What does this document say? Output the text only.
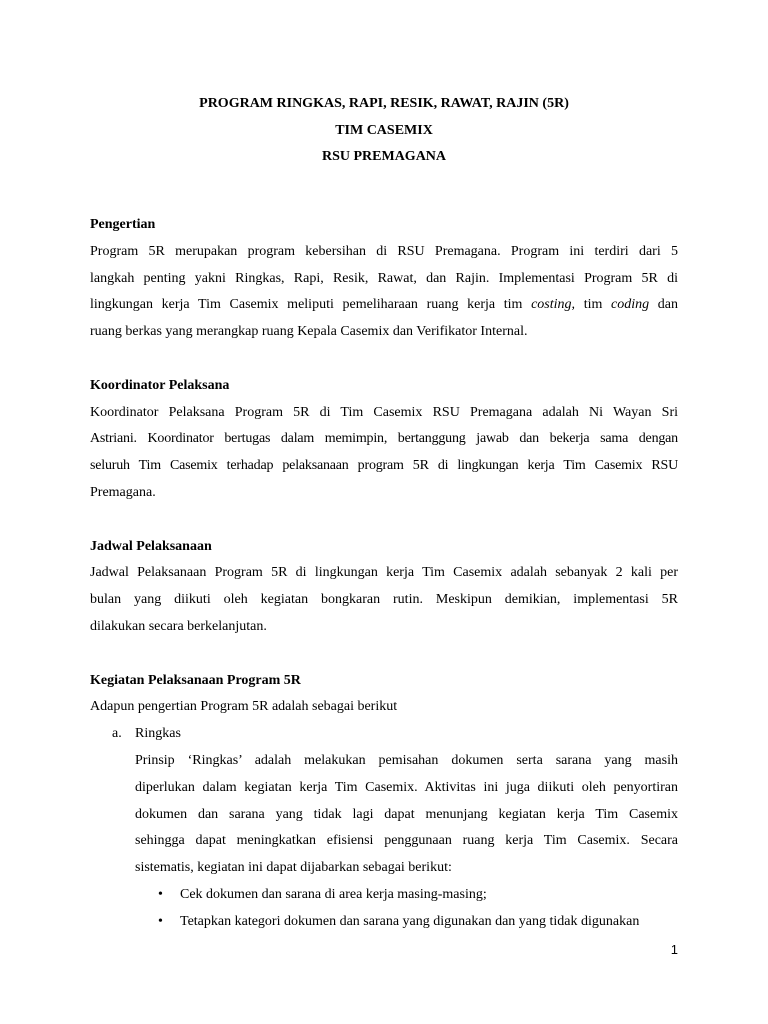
PROGRAM RINGKAS, RAPI, RESIK, RAWAT, RAJIN (5R)
TIM CASEMIX
RSU PREMAGANA

Pengertian

Program 5R merupakan program kebersihan di RSU Premagana. Program ini terdiri dari 5
langkah penting yakni Ringkas, Rapi, Resik, Rawat, dan Rajin. Implementasi Program 5R di
lingkungan kerja Tim Casemix meliputi pemeliharaan ruang kerja tim costing, tim coding dan
ruang berkas yang merangkap ruang Kepala Casemix dan Verifikator Internal.

Koordinator Pelaksana

Koordinator Pelaksana Program 5R di Tim Casemix RSU Premagana adalah Ni Wayan Sri
Astriani. Koordinator bertugas dalam memimpin, bertanggung jawab dan bekerja sama dengan
seluruh Tim Casemix terhadap pelaksanaan program 5R di lingkungan kerja Tim Casemix RSU
Premagana.

Jadwal Pelaksanaan

Jadwal Pelaksanaan Program 5R di lingkungan kerja Tim Casemix adalah sebanyak 2 kali per
bulan yang diikuti oleh kegiatan bongkaran rutin. Meskipun demikian, implementasi 5R
dilakukan secara berkelanjutan.

Kegiatan Pelaksanaan Program 5R

Adapun pengertian Program 5R adalah sebagai berikut

a. Ringkas
Prinsip ‘Ringkas’ adalah melakukan pemisahan dokumen serta sarana yang masih
diperlukan dalam kegiatan kerja Tim Casemix. Aktivitas ini juga diikuti oleh penyortiran
dokumen dan sarana yang tidak lagi dapat menunjang kegiatan kerja Tim Casemix
sehingga dapat meningkatkan efisiensi penggunaan ruang kerja Tim Casemix. Secara
sistematis, kegiatan ini dapat dijabarkan sebagai berikut:
• Cek dokumen dan sarana di area kerja masing-masing;
• Tetapkan kategori dokumen dan sarana yang digunakan dan yang tidak digunakan
1
